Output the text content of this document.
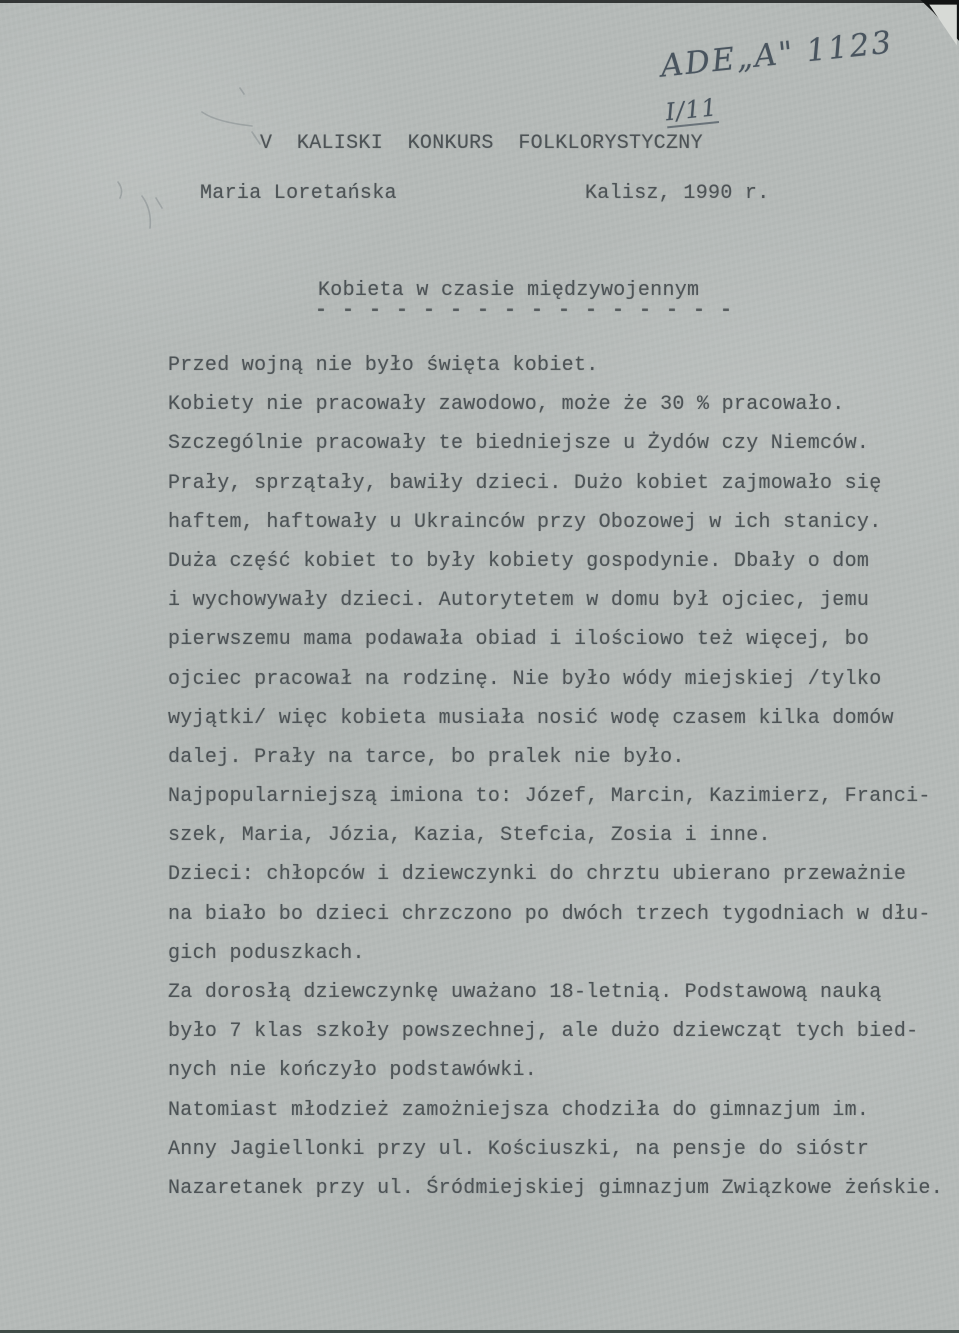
ADE„A" 1123 $_{I/11}$
V  KALISKI  KONKURS  FOLKLORYSTYCZNY
Maria Loretańska	Kalisz, 1990 r.
Kobieta w czasie międzywojennym
- - - - - - - - - - - - - - - -
Przed wojną nie było święta kobiet.
Kobiety nie pracowały zawodowo, może że 30 % pracowało.
Szczególnie pracowały te biedniejsze u Żydów czy Niemców.
Prały, sprzątały, bawiły dzieci. Dużo kobiet zajmowało się
haftem, haftowały u Ukrainców przy Obozowej w ich stanicy.
Duża część kobiet to były kobiety gospodynie. Dbały o dom
i wychowywały dzieci. Autorytetem w domu był ojciec, jemu
pierwszemu mama podawała obiad i ilościowo też więcej, bo
ojciec pracował na rodzinę. Nie było wódy miejskiej /tylko
wyjątki/ więc kobieta musiała nosić wodę czasem kilka domów
dalej. Prały na tarce, bo pralek nie było.
Najpopularniejszą imiona to: Józef, Marcin, Kazimierz, Franci-
szek, Maria, Józia, Kazia, Stefcia, Zosia i inne.
Dzieci: chłopców i dziewczynki do chrztu ubierano przeważnie
na biało bo dzieci chrzczono po dwóch trzech tygodniach w dłu-
gich poduszkach.
Za dorosłą dziewczynkę uważano 18-letnią. Podstawową nauką
było 7 klas szkoły powszechnej, ale dużo dziewcząt tych bied-
nych nie kończyło podstawówki.
Natomiast młodzież zamożniejsza chodziła do gimnazjum im.
Anny Jagiellonki przy ul. Kościuszki, na pensje do sióstr
Nazaretanek przy ul. Śródmiejskiej gimnazjum Związkowe żeńskie.
